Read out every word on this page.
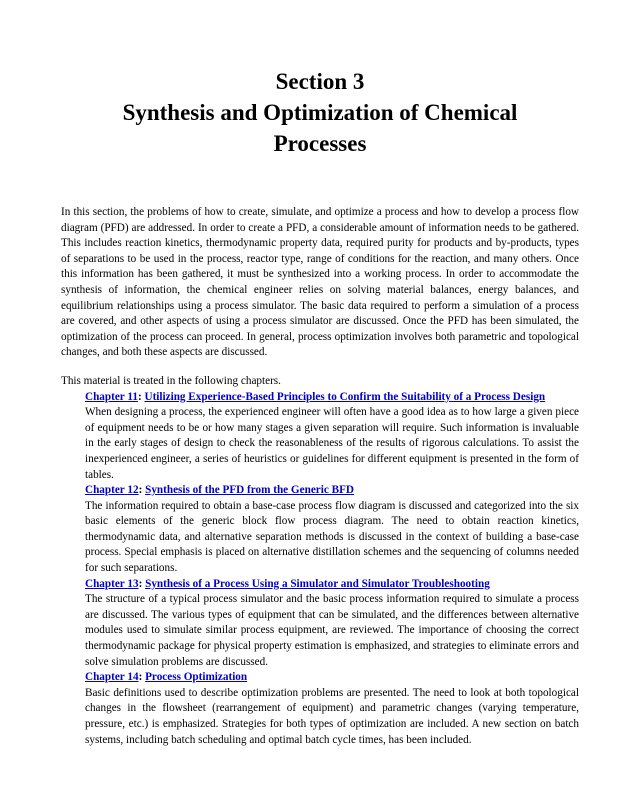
Section 3
Synthesis and Optimization of Chemical
Processes

In this section, the problems of how to create, simulate, and optimize a process and how to develop a process flow diagram (PFD) are addressed. In order to create a PFD, a considerable amount of information needs to be gathered. This includes reaction kinetics, thermodynamic property data, required purity for products and by-products, types of separations to be used in the process, reactor type, range of conditions for the reaction, and many others. Once this information has been gathered, it must be synthesized into a working process. In order to accommodate the synthesis of information, the chemical engineer relies on solving material balances, energy balances, and equilibrium relationships using a process simulator. The basic data required to perform a simulation of a process are covered, and other aspects of using a process simulator are discussed. Once the PFD has been simulated, the optimization of the process can proceed. In general, process optimization involves both parametric and topological changes, and both these aspects are discussed.

This material is treated in the following chapters.

Chapter 11: Utilizing Experience-Based Principles to Confirm the Suitability of a Process Design

When designing a process, the experienced engineer will often have a good idea as to how large a given piece of equipment needs to be or how many stages a given separation will require. Such information is invaluable in the early stages of design to check the reasonableness of the results of rigorous calculations. To assist the inexperienced engineer, a series of heuristics or guidelines for different equipment is presented in the form of tables.

Chapter 12: Synthesis of the PFD from the Generic BFD

The information required to obtain a base-case process flow diagram is discussed and categorized into the six basic elements of the generic block flow process diagram. The need to obtain reaction kinetics, thermodynamic data, and alternative separation methods is discussed in the context of building a base-case process. Special emphasis is placed on alternative distillation schemes and the sequencing of columns needed for such separations.

Chapter 13: Synthesis of a Process Using a Simulator and Simulator Troubleshooting

The structure of a typical process simulator and the basic process information required to simulate a process are discussed. The various types of equipment that can be simulated, and the differences between alternative modules used to simulate similar process equipment, are reviewed. The importance of choosing the correct thermodynamic package for physical property estimation is emphasized, and strategies to eliminate errors and solve simulation problems are discussed.

Chapter 14: Process Optimization

Basic definitions used to describe optimization problems are presented. The need to look at both topological changes in the flowsheet (rearrangement of equipment) and parametric changes (varying temperature, pressure, etc.) is emphasized. Strategies for both types of optimization are included. A new section on batch systems, including batch scheduling and optimal batch cycle times, has been included.
